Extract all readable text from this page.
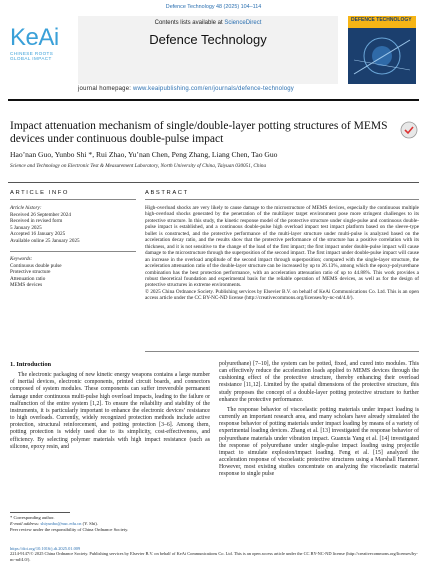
Defence Technology 48 (2025) 104–114
KeAi
CHINESE ROOTS
GLOBAL IMPACT
Contents lists available at ScienceDirect
Defence Technology
DEFENCE TECHNOLOGY
journal homepage: www.keaipublishing.com/en/journals/defence-technology
Impact attenuation mechanism of single/double-layer potting structures of MEMS devices under continuous double-pulse impact
Hao’nan Guo, Yunbo Shi *, Rui Zhao, Yu’nan Chen, Peng Zhang, Liang Chen, Tao Guo
Science and Technology on Electronic Test & Measurement Laboratory, North University of China, Taiyuan 030051, China
ARTICLE INFO	ABSTRACT
Article history:
Received 26 September 2024
Received in revised form
5 January 2025
Accepted 16 January 2025
Available online 25 January 2025
Keywords:
Continuous double pulse
Protective structure
Attenuation ratio
MEMS devices
High-overload shocks are very likely to cause damage to the microstructure of MEMS devices, especially the continuous multiple high-overload shocks generated by the penetration of the multilayer target environment pose more stringent challenges to its protective structure. In this study, the kinetic response model of the protective structure under single-pulse and continuous double-pulse impact is established, and a continuous double-pulse high overload impact test impact platform based on the sleeve-type bullet is constructed, and the protective performance of the multi-layer structure under multi-pulse is analyzed based on the acceleration decay ratio, and the results show that the protective performance of the structure has a positive correlation with its thickness, and it is not sensitive to the change of the load of the first impact; the first impact under double-pulse impact will cause damage to the microstructure through the superposition of the second impact. The first impact under double-pulse impact will cause an increase in the overload amplitude of the second impact through superposition; compared with the single-layer structure, the acceleration attenuation ratio of the double-layer structure can be increased by up to 26.13%, among which the epoxy-polyurethane combination has the best protection performance, with an acceleration attenuation ratio of up to 44.88%. This work provides a robust theoretical foundation and experimental basis for the reliable operation of MEMS devices, as well as for the design of protective structures in extreme environments.
© 2025 China Ordnance Society. Publishing services by Elsevier B.V. on behalf of KeAi Communications Co. Ltd. This is an open access article under the CC BY-NC-ND license (http://creativecommons.org/licenses/by-nc-nd/4.0/).
1. Introduction

The electronic packaging of new kinetic energy weapons contains a large number of inertial devices, electronic components, printed circuit boards, and connectors composed of system modules. These components can suffer irreversible permanent damage under continuous multi-pulse high overload impacts, leading to the failure or malfunction of the entire system [1,2]. To ensure the reliability and stability of the instruments, it is particularly important to enhance the electronic devices’ resistance to high overloads. Currently, widely recognized protection methods include active protection, structural reinforcement, and potting protection [3–6]. Among them, potting protection is widely used due to its simplicity, cost-effectiveness, and efficiency. By selecting polymer materials with high impact resistance (such as silicone, epoxy resin, and

polyurethane) [7–10], the system can be potted, fixed, and cured into modules. This can effectively reduce the acceleration loads applied to MEMS devices through the cushioning effect of the protective structure, thereby enhancing their overload resistance [11,12]. Limited by the spatial dimensions of the protective structure, this study proposes the concept of a double-layer potting protective structure to further enhance the protective performance.

The response behavior of viscoelastic potting materials under impact loading is currently an important research area, and many scholars have already simulated the response behavior of potting materials under impact loading by means of a variety of experimental loading devices. Zhang et al. [13] investigated the response behavior of polyurethane materials under vibration impact. Guanxia Yang et al. [14] investigated the response of polyurethane under single-pulse impact loading using projectile impact to simulate explosion/impact loading. Feng et al. [15] analyzed the acceleration response of viscoelastic protective structures using a Marshall Hammer. However, most existing studies concentrate on analyzing the viscoelastic material response to single pulse

* Corresponding author.
E-mail address: shiyunbo@nuc.edu.cn (Y. Shi).
Peer review under the responsibility of China Ordnance Society.
https://doi.org/10.1016/j.dt.2025.01.009
2214-9147/© 2025 China Ordnance Society. Publishing services by Elsevier B.V. on behalf of KeAi Communications Co. Ltd. This is an open access article under the CC BY-NC-ND license (http://creativecommons.org/licenses/by-nc-nd/4.0/).
